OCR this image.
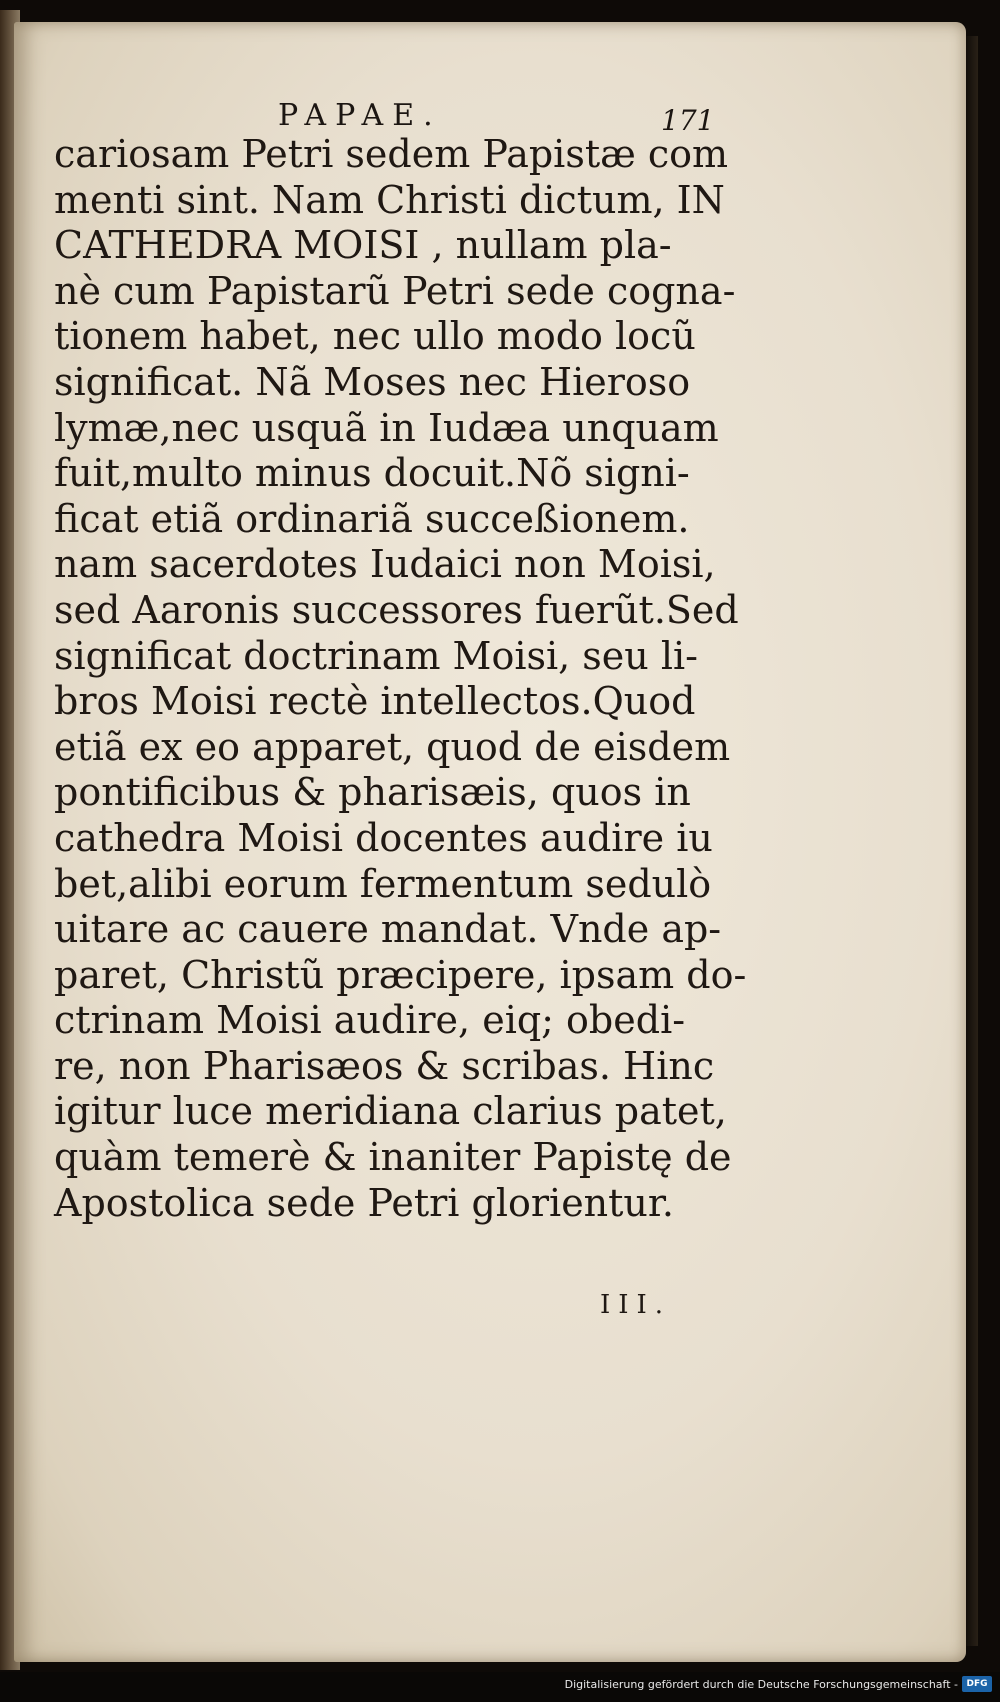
PAPAE.	171
cariosam Petri sedem Papistæ com
menti sint. Nam Christi dictum, IN
CATHEDRA MOISI , nullam pla-
nè cum Papistarũ Petri sede cogna-
tionem habet, nec ullo modo locũ
significat. Nã Moses nec Hieroso
lymæ,nec usquã in Iudæa unquam
fuit,multo minus docuit.Nõ signi-
ficat etiã ordinariã succeßionem.
nam sacerdotes Iudaici non Moisi,
sed Aaronis successores fuerũt.Sed
significat doctrinam Moisi, seu li-
bros Moisi rectè intellectos.Quod
etiã ex eo apparet, quod de eisdem
pontificibus & pharisæis, quos in
cathedra Moisi docentes audire iu
bet,alibi eorum fermentum sedulò
uitare ac cauere mandat. Vnde ap-
paret, Christũ præcipere, ipsam do-
ctrinam Moisi audire, eiq; obedi-
re, non Pharisæos & scribas. Hinc
igitur luce meridiana clarius patet,
quàm temerè & inaniter Papistę de
Apostolica sede Petri glorientur.
III.
Digitalisierung gefördert durch die Deutsche Forschungsgemeinschaft - DFG
